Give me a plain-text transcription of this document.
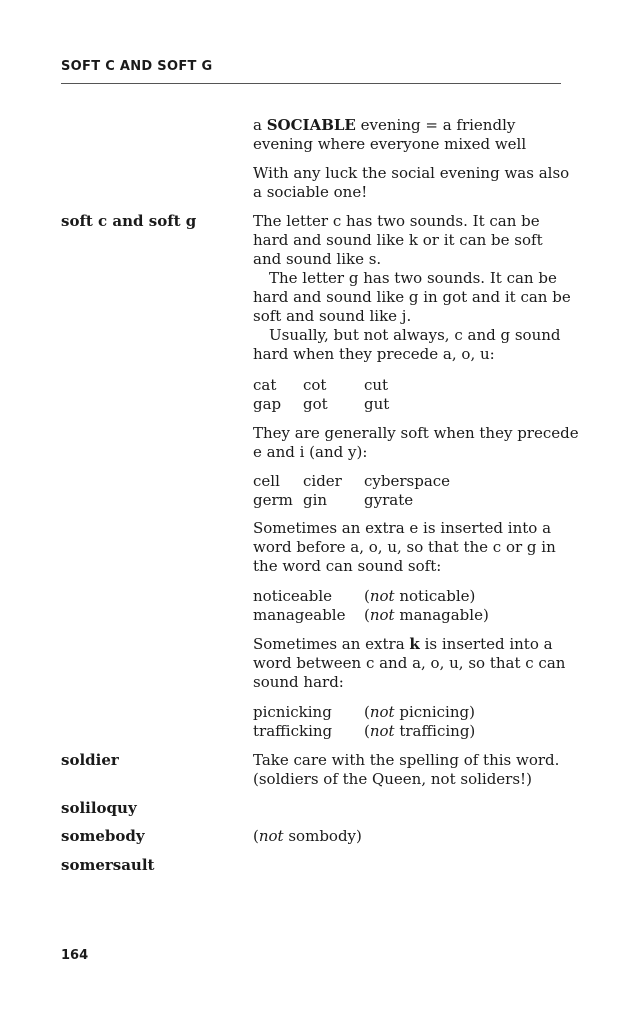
SOFT C AND SOFT G

a SOCIABLE evening = a friendly

evening where everyone mixed well

With any luck the social evening was also

a sociable one!

soft c and soft g	The letter c has two sounds. It can be

hard and sound like k or it can be soft

and sound like s.

The letter g has two sounds. It can be

hard and sound like g in got and it can be

soft and sound like j.

Usually, but not always, c and g sound

hard when they precede a, o, u:

cat cot	cut

gap got gut

They are generally soft when they precede

e and i (and y):

cell cider cyberspace

germ gin gyrate

Sometimes an extra e is inserted into a

word before a, o, u, so that the c or g in

the word can sound soft:

noticeable (not noticable)

manageable (not managable)

Sometimes an extra k is inserted into a

word between c and a, o, u, so that c can

sound hard:

picnicking (not picnicing)

trafficking (not trafficing)

soldier	Take care with the spelling of this word.

(soldiers of the Queen, not soliders!)

soliloquy
somebody	(not sombody)

somersault
164
